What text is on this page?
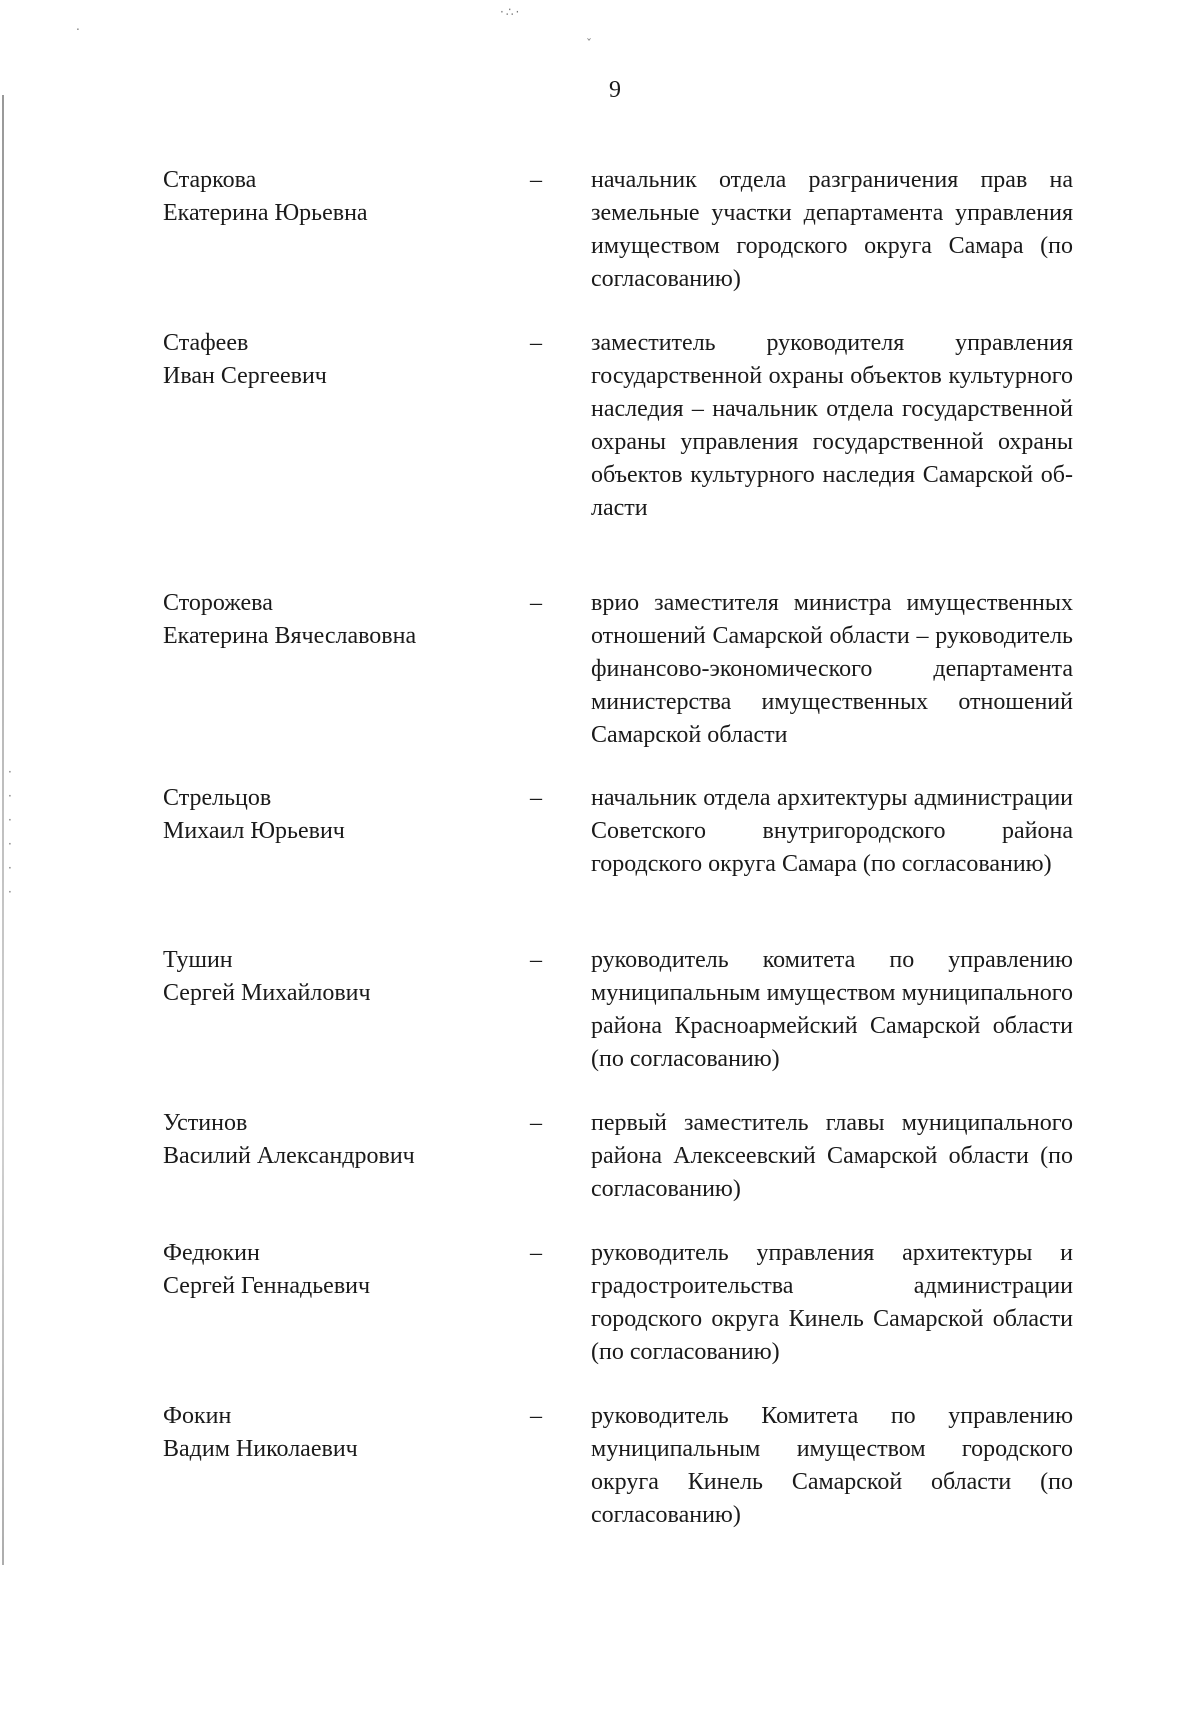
.
·∴·
ˇ
·
·
·
·
·
·
9
Старкова
Екатерина Юрьевна
– начальник отдела разграничения прав на земельные участки департамента управления имуществом городского округа Самара (по согласованию)
Стафеев
Иван Сергеевич
– заместитель руководителя управления государственной охраны объектов культурного наследия – начальник отдела государственной охраны управления государственной охраны объектов культурного наследия Самарской области
Сторожева
Екатерина Вячеславовна
– врио заместителя министра имущественных отношений Самарской области – руководитель финансово-экономического департамента министерства имущественных отношений Самарской области
Стрельцов
Михаил Юрьевич
– начальник отдела архитектуры администрации Советского внутригородского района городского округа Самара (по согласованию)
Тушин
Сергей Михайлович
– руководитель комитета по управлению муниципальным имуществом муниципального района Красноармейский Самарской области (по согласованию)
Устинов
Василий Александрович
– первый заместитель главы муниципального района Алексеевский Самарской области (по согласованию)
Федюкин
Сергей Геннадьевич
– руководитель управления архитектуры и градостроительства администрации городского округа Кинель Самарской области (по согласованию)
Фокин
Вадим Николаевич
– руководитель Комитета по управлению муниципальным имуществом городского округа Кинель Самарской области (по согласованию)
